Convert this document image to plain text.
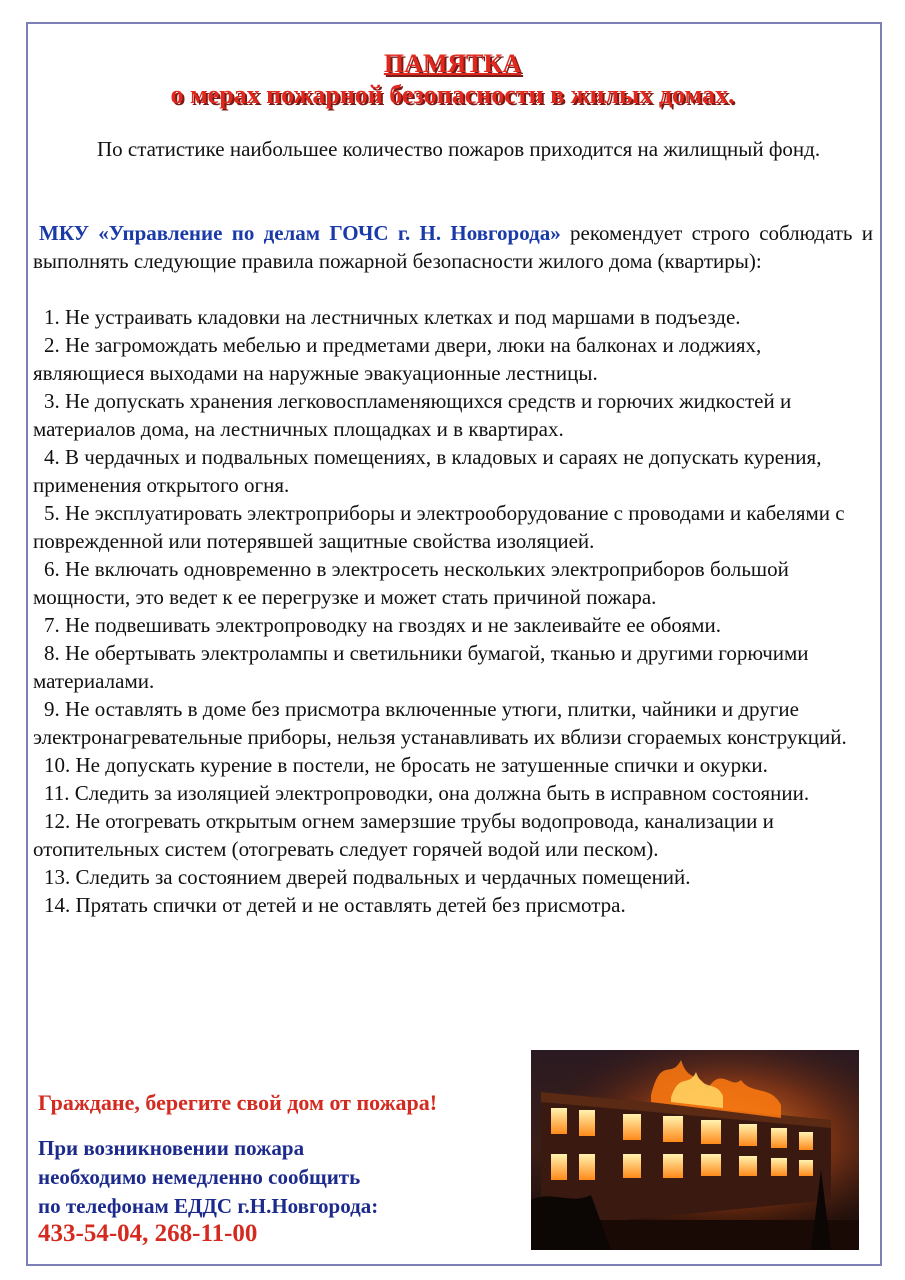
ПАМЯТКА
о мерах пожарной безопасности в жилых домах.
По статистике наибольшее количество пожаров приходится на жилищный фонд.
МКУ «Управление по делам ГОЧС г. Н. Новгорода» рекомендует строго соблюдать и выполнять следующие правила пожарной безопасности жилого дома (квартиры):
1. Не устраивать кладовки на лестничных клетках и под маршами в подъезде.
2. Не загромождать мебелью и предметами двери, люки на балконах и лоджиях, являющиеся выходами на наружные эвакуационные лестницы.
3. Не допускать хранения легковоспламеняющихся средств и горючих жидкостей и материалов дома, на лестничных площадках и в квартирах.
4. В чердачных и подвальных помещениях, в кладовых и сараях не допускать курения, применения открытого огня.
5. Не эксплуатировать электроприборы и электрооборудование с проводами и кабелями с поврежденной или потерявшей защитные свойства изоляцией.
6. Не включать одновременно в электросеть нескольких электроприборов большой мощности, это ведет к ее перегрузке и может стать причиной пожара.
7. Не подвешивать электропроводку на гвоздях и не заклеивайте ее обоями.
8. Не обертывать электролампы и светильники бумагой, тканью и другими горючими материалами.
9. Не оставлять в доме без присмотра включенные утюги, плитки, чайники и другие электронагревательные приборы, нельзя устанавливать их вблизи сгораемых конструкций.
10. Не допускать курение в постели, не бросать не затушенные спички и окурки.
11. Следить за изоляцией электропроводки, она должна быть в исправном состоянии.
12. Не отогревать открытым огнем замерзшие трубы водопровода, канализации и отопительных систем (отогревать следует горячей водой или песком).
13. Следить за состоянием дверей подвальных и чердачных помещений.
14. Прятать спички от детей и не оставлять детей без присмотра.
Граждане, берегите свой дом от пожара!
При возникновении пожара
необходимо немедленно сообщить
по телефонам ЕДДС г.Н.Новгорода:
433-54-04, 268-11-00
